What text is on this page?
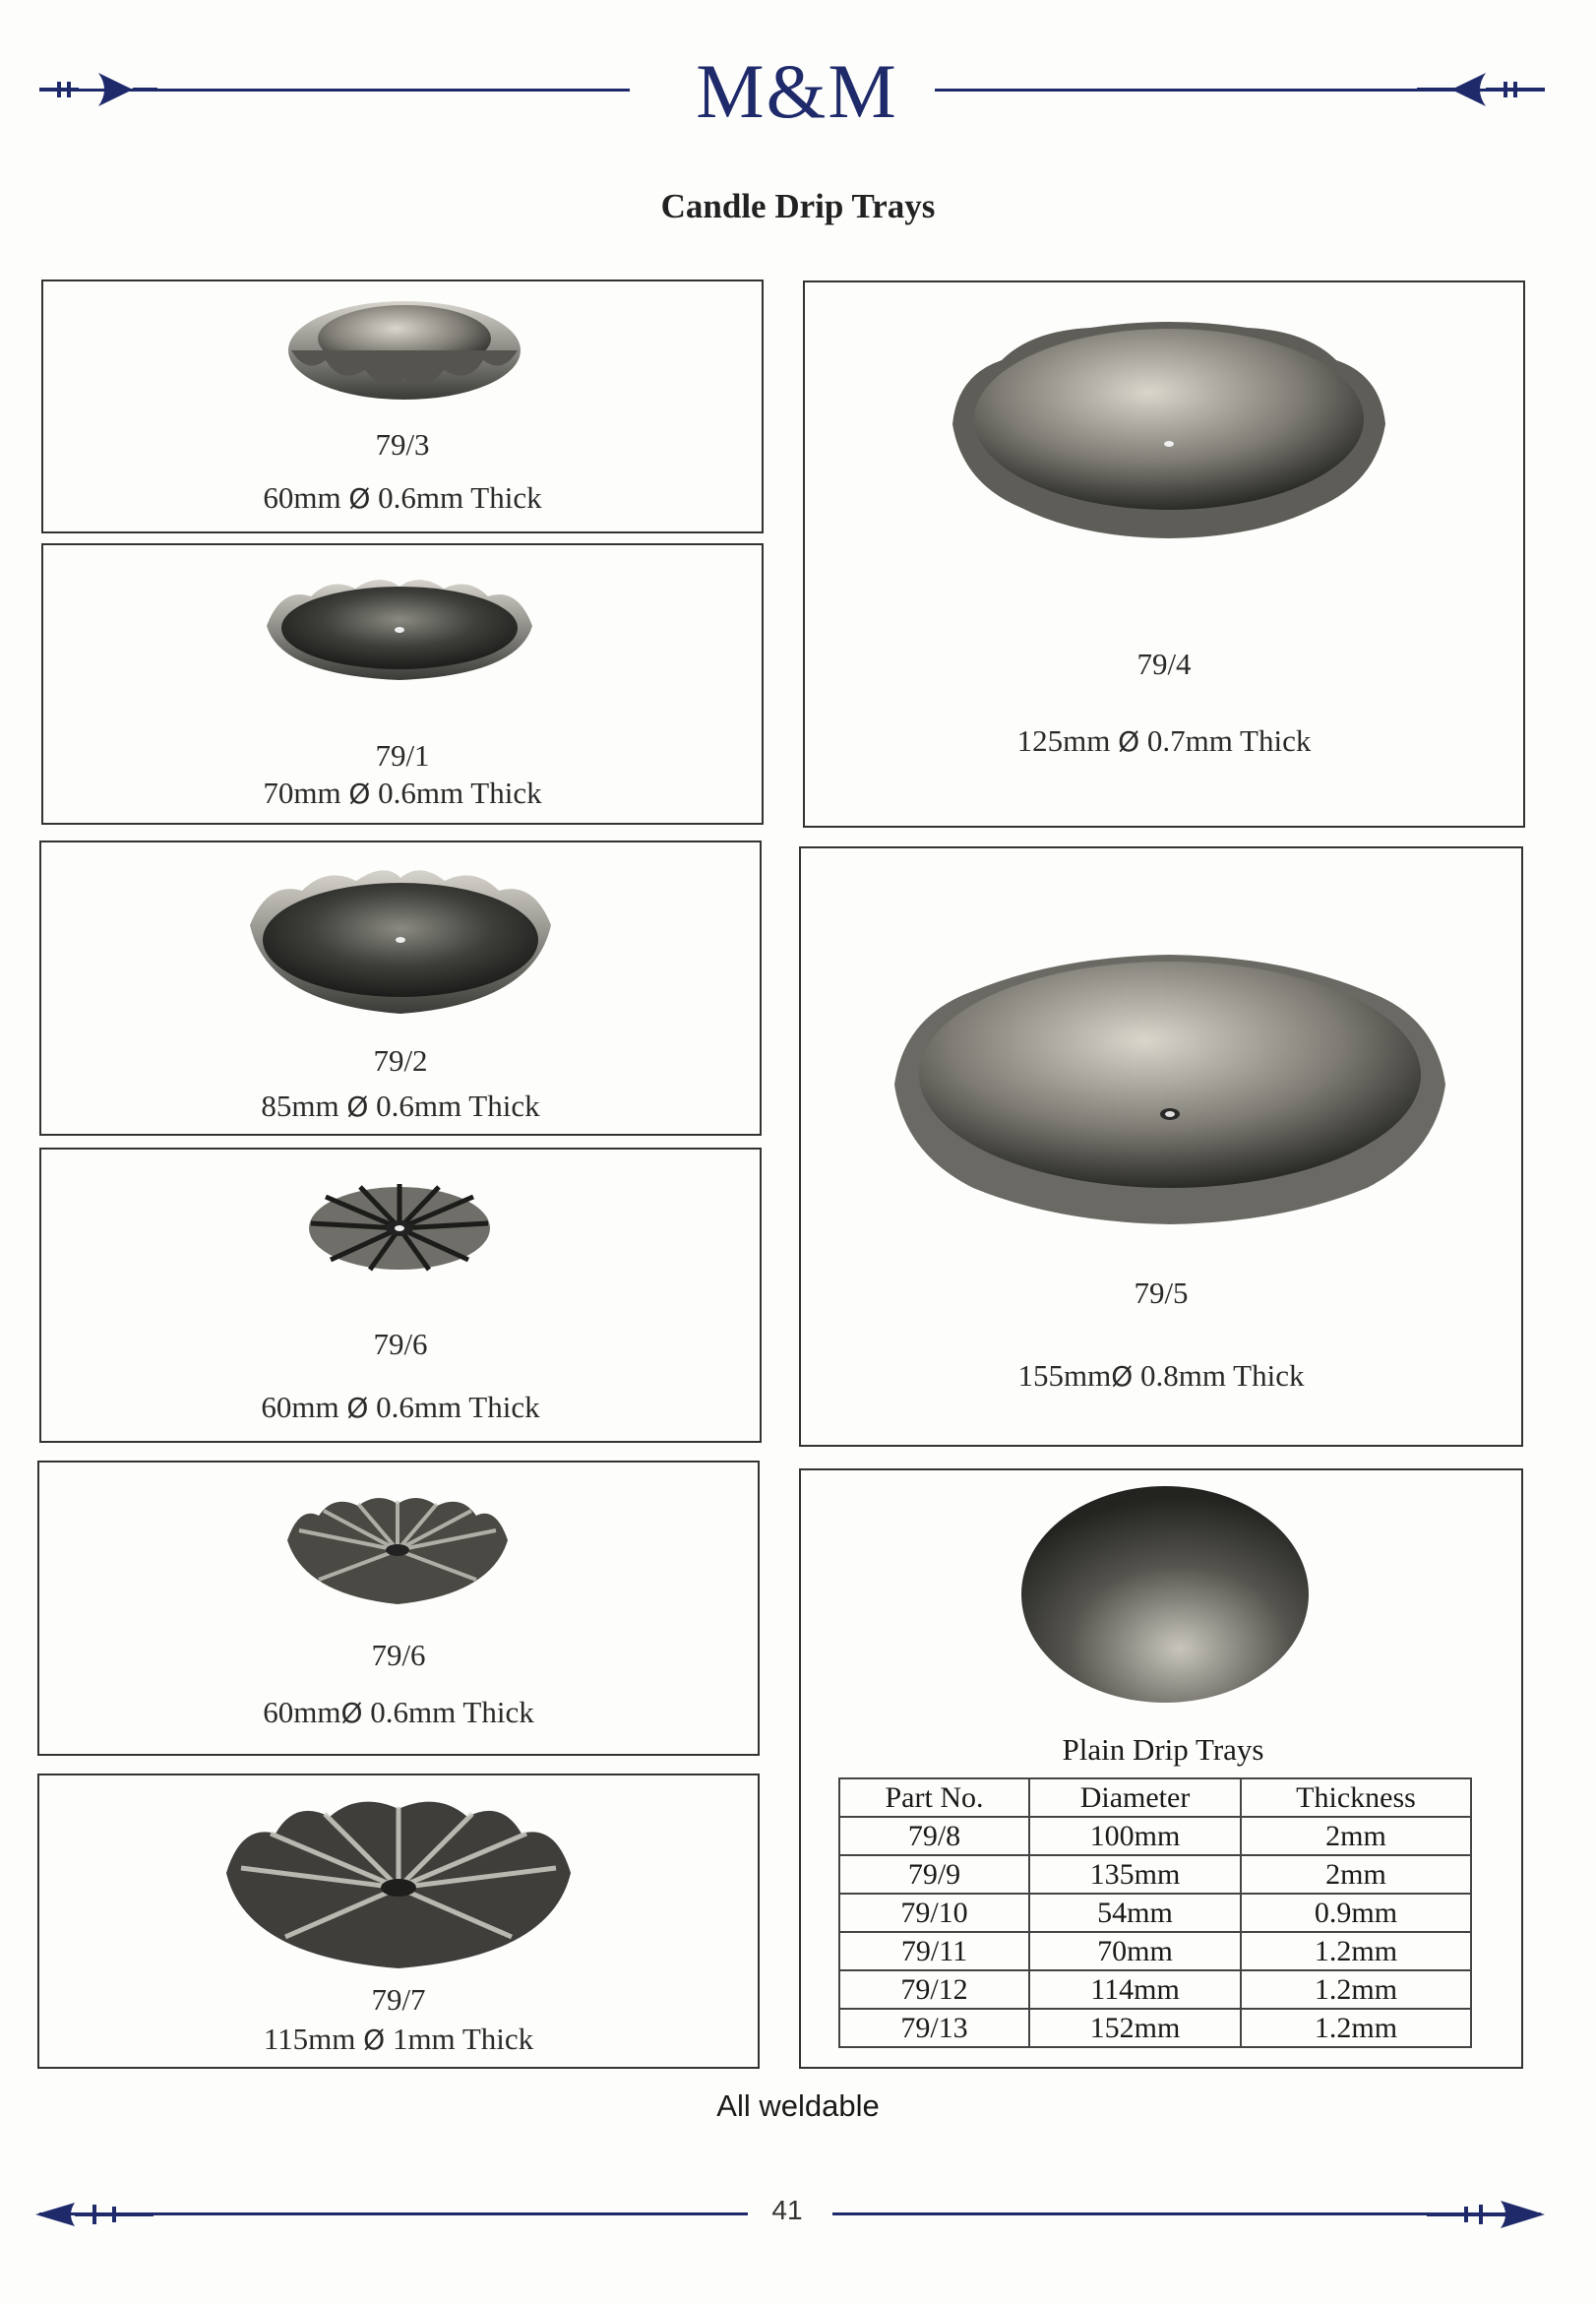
M&M
Candle Drip Trays
79/3
60mm Ø 0.6mm Thick
79/1
70mm Ø 0.6mm Thick
79/2
85mm Ø 0.6mm Thick
79/6
60mm Ø 0.6mm Thick
79/6
60mmØ 0.6mm Thick
79/7
115mm Ø 1mm Thick
79/4
125mm Ø 0.7mm Thick
79/5
155mmØ 0.8mm Thick
Plain Drip Trays
Part No.	Diameter	Thickness
79/8	100mm	2mm
79/9	135mm	2mm
79/10	54mm	0.9mm
79/11	70mm	1.2mm
79/12	114mm	1.2mm
79/13	152mm	1.2mm
All weldable
41
